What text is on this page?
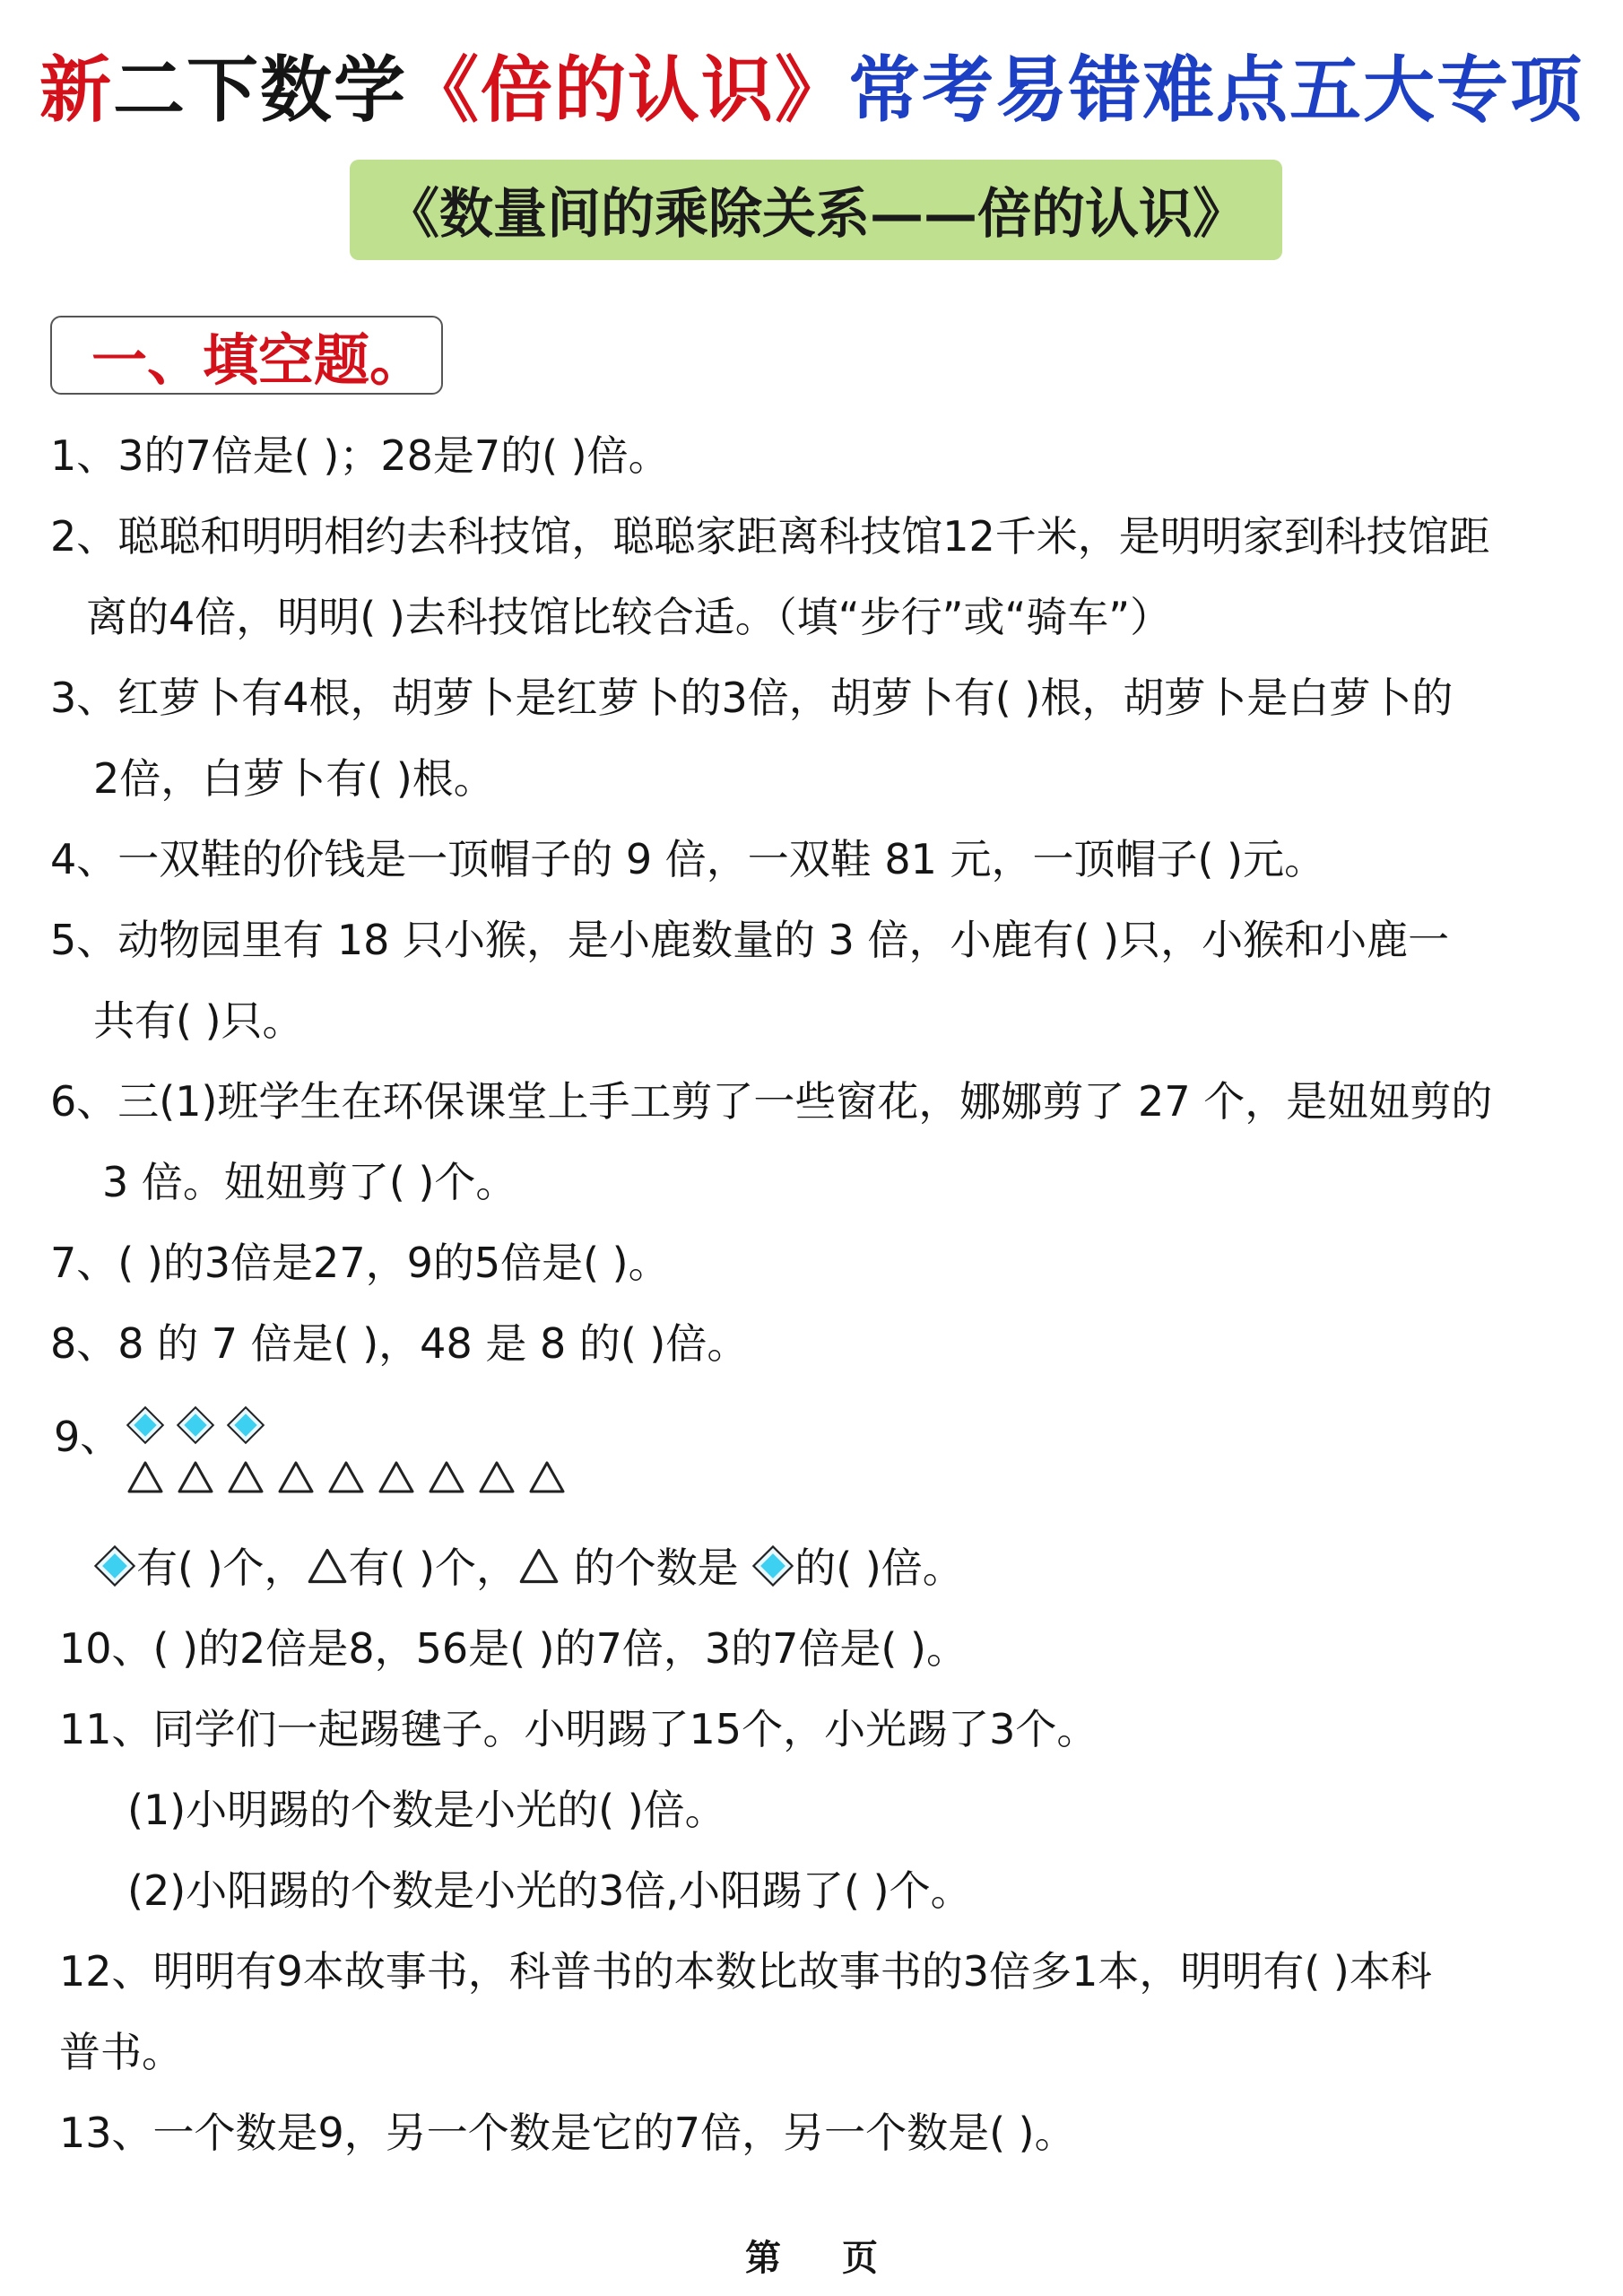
新二下数学《倍的认识》常考易错难点五大专项
《数量间的乘除关系——倍的认识》
一、填空题。
1、3的7倍是( )；28是7的( )倍。
2、聪聪和明明相约去科技馆，聪聪家距离科技馆12千米，是明明家到科技馆距
离的4倍，明明( )去科技馆比较合适。（填“步行”或“骑车”）
3、红萝卜有4根，胡萝卜是红萝卜的3倍，胡萝卜有( )根，胡萝卜是白萝卜的
2倍，白萝卜有( )根。
4、一双鞋的价钱是一顶帽子的 9 倍，一双鞋 81 元，一顶帽子( )元。
5、动物园里有 18 只小猴，是小鹿数量的 3 倍，小鹿有( )只，小猴和小鹿一
共有( )只。
6、三(1)班学生在环保课堂上手工剪了一些窗花，娜娜剪了 27 个，是妞妞剪的
3 倍。妞妞剪了( )个。
7、( )的3倍是27，9的5倍是( )。
8、8 的 7 倍是( )，48 是 8 的( )倍。
9、
有( )个， 有( )个， 的个数是 的( )倍。
10、( )的2倍是8，56是( )的7倍，3的7倍是( )。
11、同学们一起踢毽子。小明踢了15个，小光踢了3个。
(1)小明踢的个数是小光的( )倍。
(2)小阳踢的个数是小光的3倍,小阳踢了( )个。
12、明明有9本故事书，科普书的本数比故事书的3倍多1本，明明有( )本科
普书。
13、一个数是9，另一个数是它的7倍，另一个数是( )。
第 页
